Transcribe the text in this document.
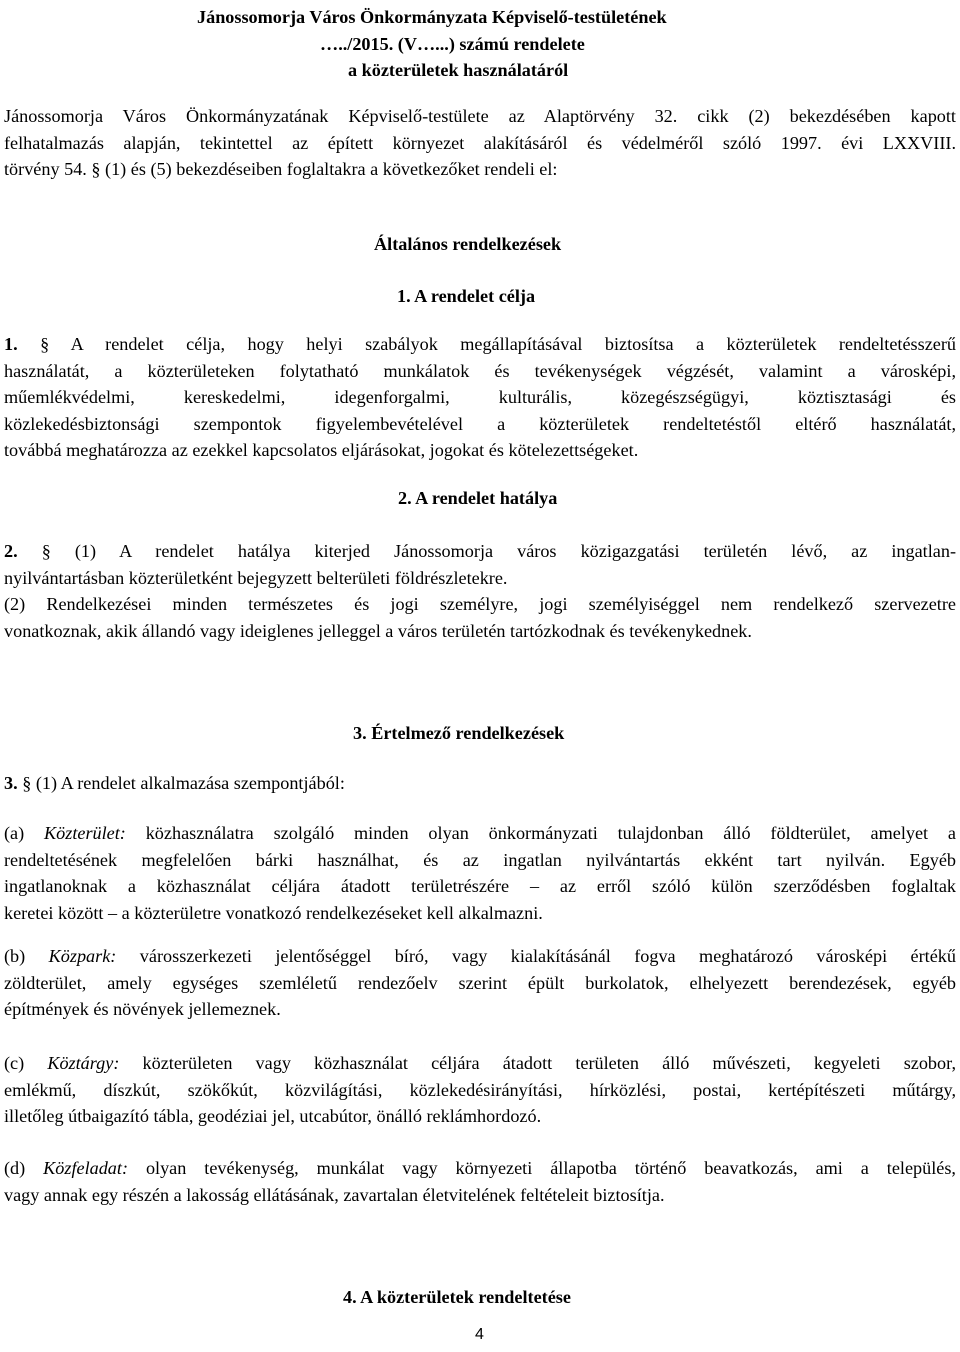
Jánossomorja Város Önkormányzata Képviselő-testületének
…../2015. (V…...) számú rendelete
a közterületek használatáról
Jánossomorja Város Önkormányzatának Képviselő-testülete az Alaptörvény 32. cikk (2) bekezdésében kapott
felhatalmazás alapján, tekintettel az épített környezet alakításáról és védelméről szóló 1997. évi LXXVIII.
törvény 54. § (1) és (5) bekezdéseiben foglaltakra a következőket rendeli el:
Általános rendelkezések
1. A rendelet célja
1. § A rendelet célja, hogy helyi szabályok megállapításával biztosítsa a közterületek rendeltetésszerű
használatát, a közterületeken folytatható munkálatok és tevékenységek végzését, valamint a városképi,
műemlékvédelmi, kereskedelmi, idegenforgalmi, kulturális, közegészségügyi, köztisztasági és
közlekedésbiztonsági szempontok figyelembevételével a közterületek rendeltetéstől eltérő használatát,
továbbá meghatározza az ezekkel kapcsolatos eljárásokat, jogokat és kötelezettségeket.
2. A rendelet hatálya
2. § (1) A rendelet hatálya kiterjed Jánossomorja város közigazgatási területén lévő, az ingatlan-
nyilvántartásban közterületként bejegyzett belterületi földrészletekre.
(2) Rendelkezései minden természetes és jogi személyre, jogi személyiséggel nem rendelkező szervezetre
vonatkoznak, akik állandó vagy ideiglenes jelleggel a város területén tartózkodnak és tevékenykednek.
3. Értelmező rendelkezések
3. § (1) A rendelet alkalmazása szempontjából:
(a) Közterület: közhasználatra szolgáló minden olyan önkormányzati tulajdonban álló földterület, amelyet a
rendeltetésének megfelelően bárki használhat, és az ingatlan nyilvántartás ekként tart nyilván. Egyéb
ingatlanoknak a közhasználat céljára átadott területrészére – az erről szóló külön szerződésben foglaltak
keretei között – a közterületre vonatkozó rendelkezéseket kell alkalmazni.
(b) Közpark: városszerkezeti jelentőséggel bíró, vagy kialakításánál fogva meghatározó városképi értékű
zöldterület, amely egységes szemléletű rendezőelv szerint épült burkolatok, elhelyezett berendezések, egyéb
építmények és növények jellemeznek.
(c) Köztárgy: közterületen vagy közhasználat céljára átadott területen álló művészeti, kegyeleti szobor,
emlékmű, díszkút, szökőkút, közvilágítási, közlekedésirányítási, hírközlési, postai, kertépítészeti műtárgy,
illetőleg útbaigazító tábla, geodéziai jel, utcabútor, önálló reklámhordozó.
(d) Közfeladat: olyan tevékenység, munkálat vagy környezeti állapotba történő beavatkozás, ami a település,
vagy annak egy részén a lakosság ellátásának, zavartalan életvitelének feltételeit biztosítja.
4. A közterületek rendeltetése
4
